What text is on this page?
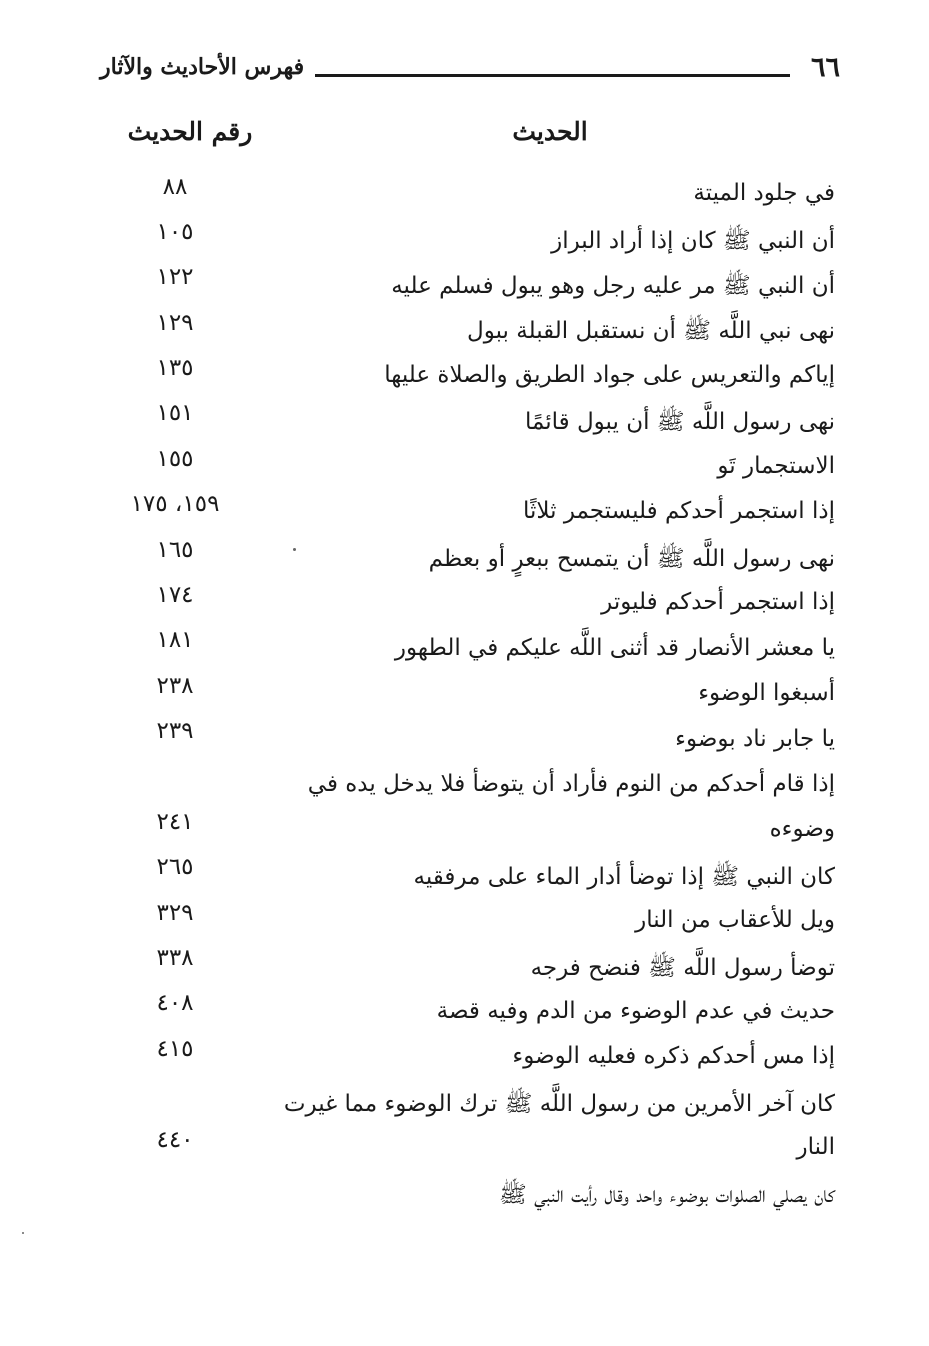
٦٦
فهرس الأحاديث والآثار
الحديث
رقم الحديث
في جلود الميتة
٨٨
أن النبي ﷺ كان إذا أراد البراز
١٠٥
أن النبي ﷺ مر عليه رجل وهو يبول فسلم عليه
١٢٢
نهى نبي اللَّه ﷺ أن نستقبل القبلة ببول
١٢٩
إياكم والتعريس على جواد الطريق والصلاة عليها
١٣٥
نهى رسول اللَّه ﷺ أن يبول قائمًا
١٥١
الاستجمار تَو
١٥٥
إذا استجمر أحدكم فليستجمر ثلاثًا
١٥٩، ١٧٥
نهى رسول اللَّه ﷺ أن يتمسح ببعرٍ أو بعظم
١٦٥
إذا استجمر أحدكم فليوتر
١٧٤
يا معشر الأنصار قد أثنى اللَّه عليكم في الطهور
١٨١
أسبغوا الوضوء
٢٣٨
يا جابر ناد بوضوء
٢٣٩
إذا قام أحدكم من النوم فأراد أن يتوضأ فلا يدخل يده في
وضوءه
٢٤١
كان النبي ﷺ إذا توضأ أدار الماء على مرفقيه
٢٦٥
ويل للأعقاب من النار
٣٢٩
توضأ رسول اللَّه ﷺ فنضح فرجه
٣٣٨
حديث في عدم الوضوء من الدم وفيه قصة
٤٠٨
إذا مس أحدكم ذكره فعليه الوضوء
٤١٥
كان آخر الأمرين من رسول اللَّه ﷺ ترك الوضوء مما غيرت
النار
٤٤٠
كان يصلي الصلوات بوضوء واحد وقال رأيت النبي ﷺ
